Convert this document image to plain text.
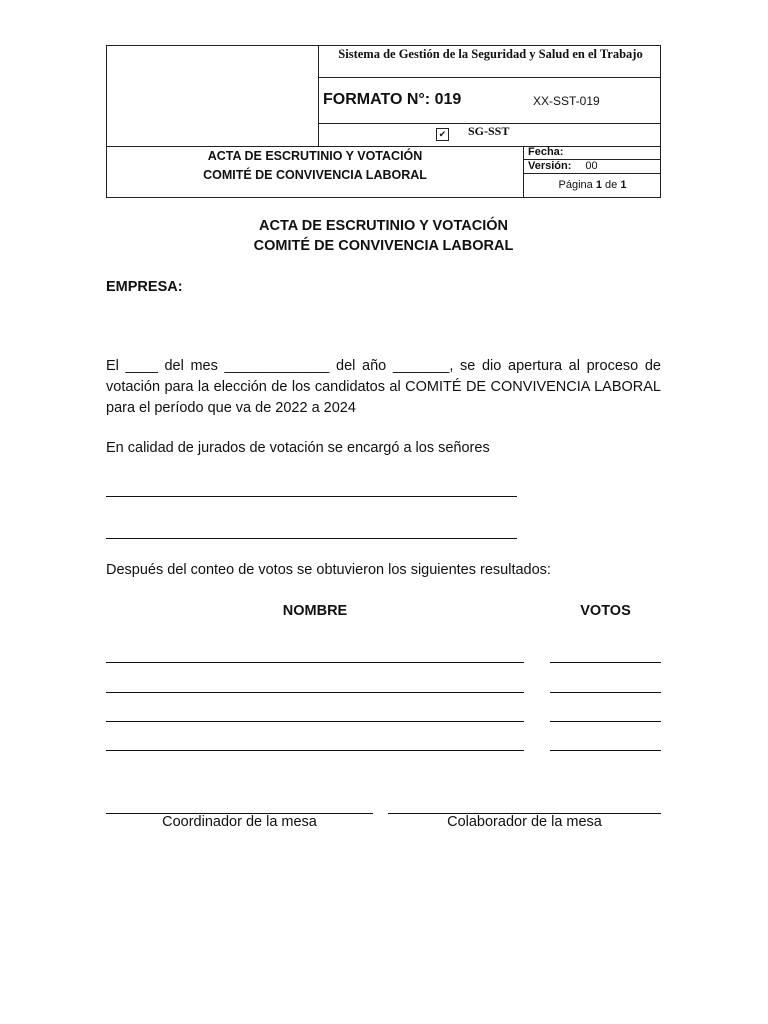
Sistema de Gestión de la Seguridad y Salud en el Trabajo
FORMATO N°: 019	XX-SST-019
✔ SG-SST
ACTA DE ESCRUTINIO Y VOTACIÓN
COMITÉ DE CONVIVENCIA LABORAL
Fecha:
Versión: 00
Página 1 de 1
ACTA DE ESCRUTINIO Y VOTACIÓN
COMITÉ DE CONVIVENCIA LABORAL
EMPRESA:
El ____ del mes _____________ del año _______, se dio apertura al proceso de votación para la elección de los candidatos al COMITÉ DE CONVIVENCIA LABORAL para el período que va de 2022 a 2024
En calidad de jurados de votación se encargó a los señores
Después del conteo de votos se obtuvieron los siguientes resultados:
NOMBRE	VOTOS
Coordinador de la mesa	Colaborador de la mesa
